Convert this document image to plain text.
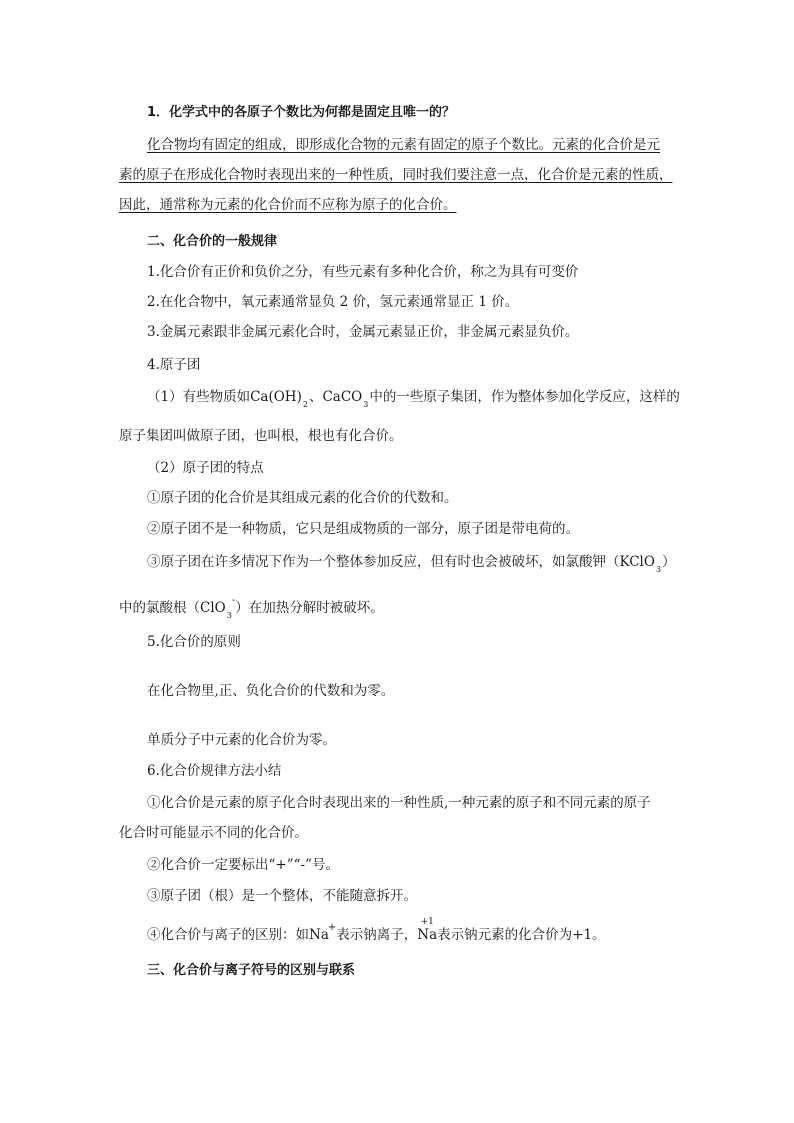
1．化学式中的各原子个数比为何都是固定且唯一的？
化合物均有固定的组成，即形成化合物的元素有固定的原子个数比。元素的化合价是元
素的原子在形成化合物时表现出来的一种性质，同时我们要注意一点，化合价是元素的性质，
因此，通常称为元素的化合价而不应称为原子的化合价。
二、化合价的一般规律
1.化合价有正价和负价之分，有些元素有多种化合价，称之为具有可变价
2.在化合物中，氧元素通常显负 2 价，氢元素通常显正 1 价。
3.金属元素跟非金属元素化合时，金属元素显正价，非金属元素显负价。
4.原子团
（1）有些物质如$Ca(OH)_2$、CaCO$_3$中的一些原子集团，作为整体参加化学反应，这样的
原子集团叫做原子团，也叫根，根也有化合价。
（2）原子团的特点
①原子团的化合价是其组成元素的化合价的代数和。
②原子团不是一种物质，它只是组成物质的一部分，原子团是带电荷的。
③原子团在许多情况下作为一个整体参加反应，但有时也会被破坏，如氯酸钾（KClO$_3$）
中的氯酸根（ClO$_3$-）在加热分解时被破坏。
5.化合价的原则
在化合物里,正、负化合价的代数和为零。
单质分子中元素的化合价为零。
6.化合价规律方法小结
①化合价是元素的原子化合时表现出来的一种性质,一种元素的原子和不同元素的原子
化合时可能显示不同的化合价。
②化合价一定要标出“+”“-”号。
③原子团（根）是一个整体，不能随意拆开。
④化合价与离子的区别：如Na+表示钠离子，
+1
Na表示钠元素的化合价为+1。
三、化合价与离子符号的区别与联系
